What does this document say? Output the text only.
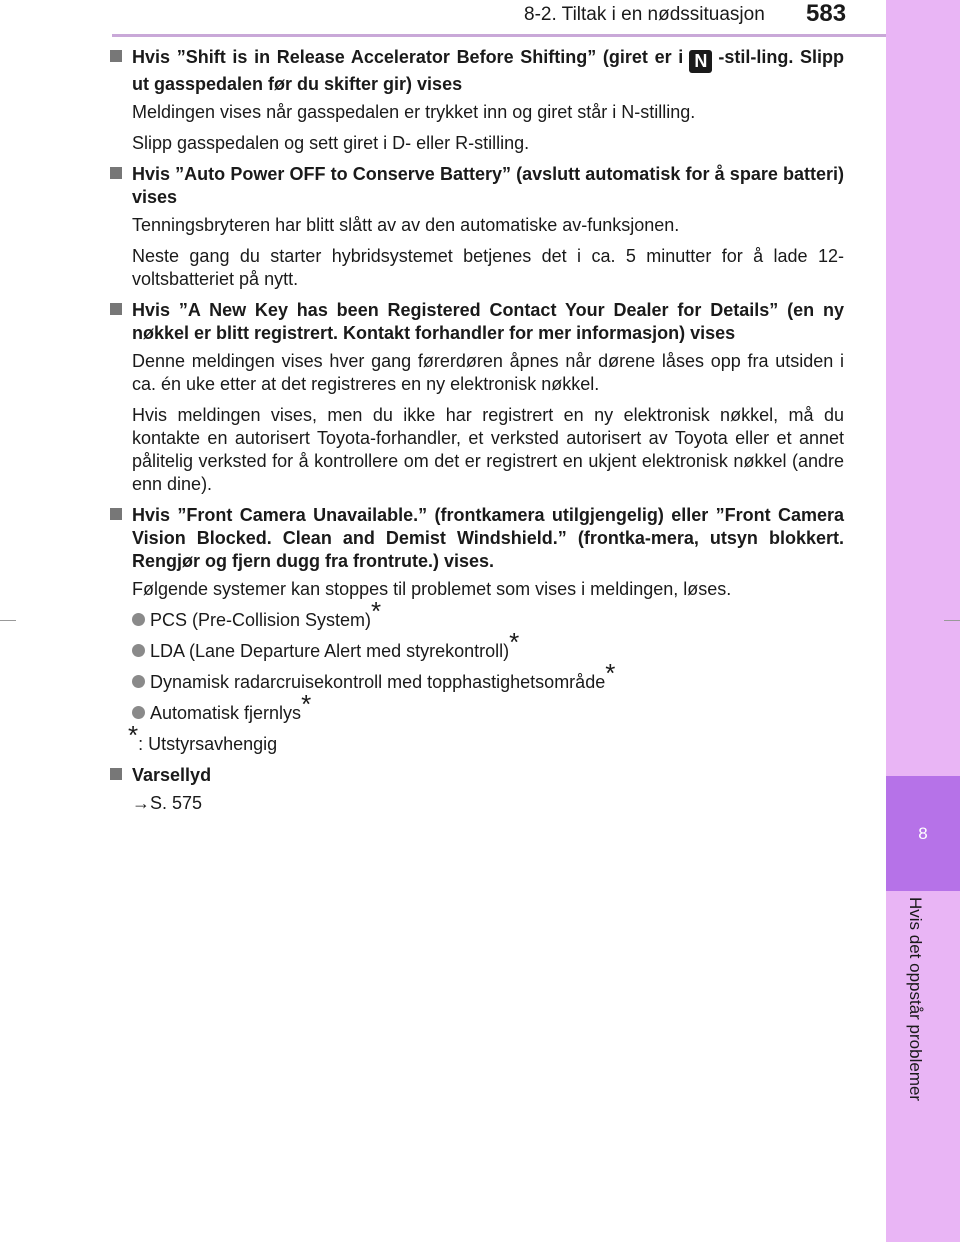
8-2. Tiltak i en nødssituasjon 583
8
Hvis det oppstår problemer
Hvis ”Shift is in Release Accelerator Before Shifting” (giret er i N -stil-ling. Slipp ut gasspedalen før du skifter gir) vises
Meldingen vises når gasspedalen er trykket inn og giret står i N-stilling.
Slipp gasspedalen og sett giret i D- eller R-stilling.
Hvis ”Auto Power OFF to Conserve Battery” (avslutt automatisk for å spare batteri) vises
Tenningsbryteren har blitt slått av av den automatiske av-funksjonen.
Neste gang du starter hybridsystemet betjenes det i ca. 5 minutter for å lade 12-voltsbatteriet på nytt.
Hvis ”A New Key has been Registered Contact Your Dealer for Details” (en ny nøkkel er blitt registrert. Kontakt forhandler for mer informasjon) vises
Denne meldingen vises hver gang førerdøren åpnes når dørene låses opp fra utsiden i ca. én uke etter at det registreres en ny elektronisk nøkkel.
Hvis meldingen vises, men du ikke har registrert en ny elektronisk nøkkel, må du kontakte en autorisert Toyota-forhandler, et verksted autorisert av Toyota eller et annet pålitelig verksted for å kontrollere om det er registrert en ukjent elektronisk nøkkel (andre enn dine).
Hvis ”Front Camera Unavailable.” (frontkamera utilgjengelig) eller ”Front Camera Vision Blocked. Clean and Demist Windshield.” (frontka-mera, utsyn blokkert. Rengjør og fjern dugg fra frontrute.) vises.
Følgende systemer kan stoppes til problemet som vises i meldingen, løses.
PCS (Pre-Collision System)*
LDA (Lane Departure Alert med styrekontroll)*
Dynamisk radarcruisekontroll med topphastighetsområde*
Automatisk fjernlys*
*: Utstyrsavhengig
Varsellyd
→S. 575
